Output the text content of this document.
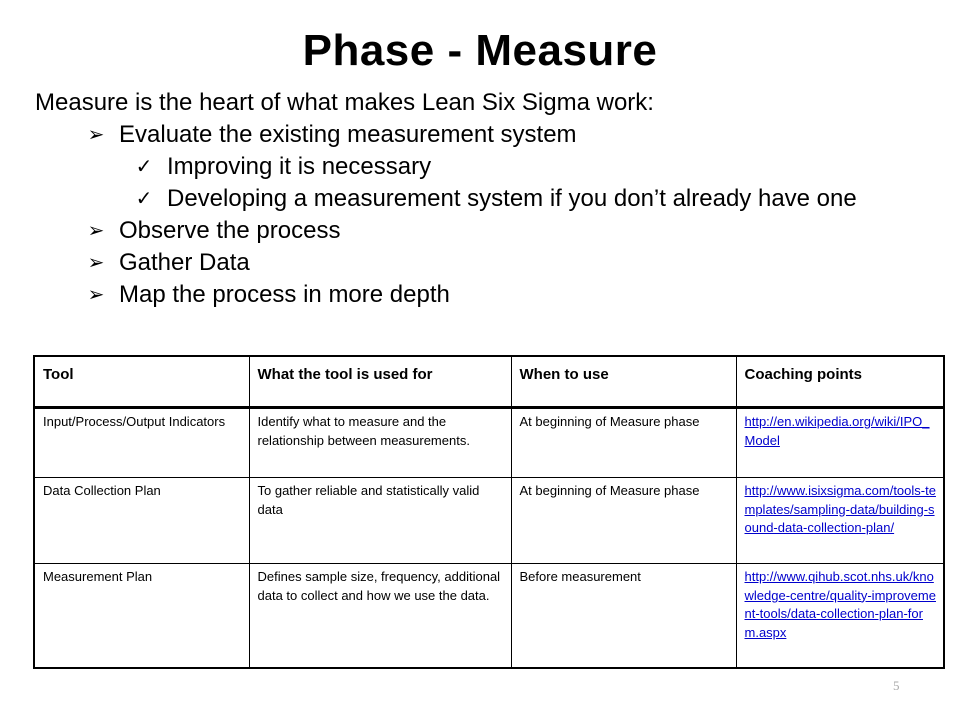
Phase - Measure
Measure is the heart of what makes Lean Six Sigma work:
➢ Evaluate the existing measurement system
✓ Improving it is necessary
✓ Developing a measurement system if you don’t already have one
➢ Observe the process
➢ Gather Data
➢ Map the process in more depth
Tool	What the tool is used for	When to use	Coaching points
Input/Process/Output Indicators	Identify what to measure and the relationship between measurements.	At beginning of Measure phase	http://en.wikipedia.org/wiki/IPO_Model
Data Collection Plan	To gather reliable and statistically valid data	At beginning of Measure phase	http://www.isixsigma.com/tools-templates/sampling-data/building-sound-data-collection-plan/
Measurement Plan	Defines sample size, frequency, additional data to collect and how we use the data.	Before measurement	http://www.qihub.scot.nhs.uk/knowledge-centre/quality-improvement-tools/data-collection-plan-form.aspx
5
